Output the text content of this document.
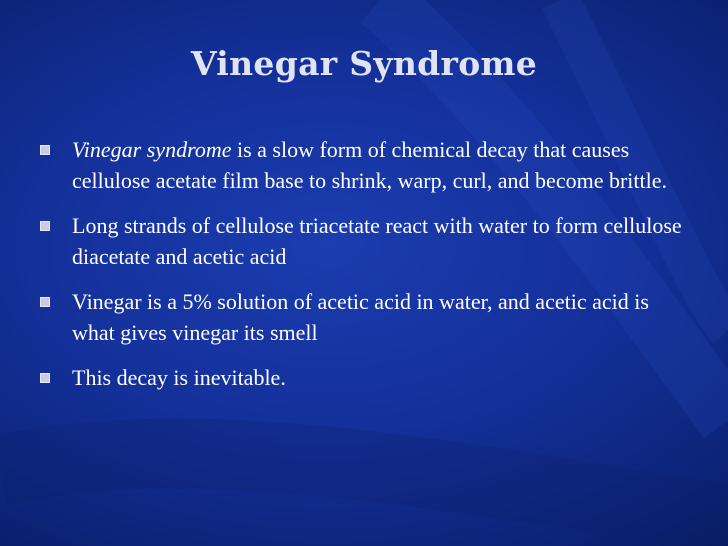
Vinegar Syndrome
Vinegar syndrome is a slow form of chemical decay that causes cellulose acetate film base to shrink, warp, curl, and become brittle.
Long strands of cellulose triacetate react with water to form cellulose diacetate and acetic acid
Vinegar is a 5% solution of acetic acid in water, and acetic acid is what gives vinegar its smell
This decay is inevitable.
